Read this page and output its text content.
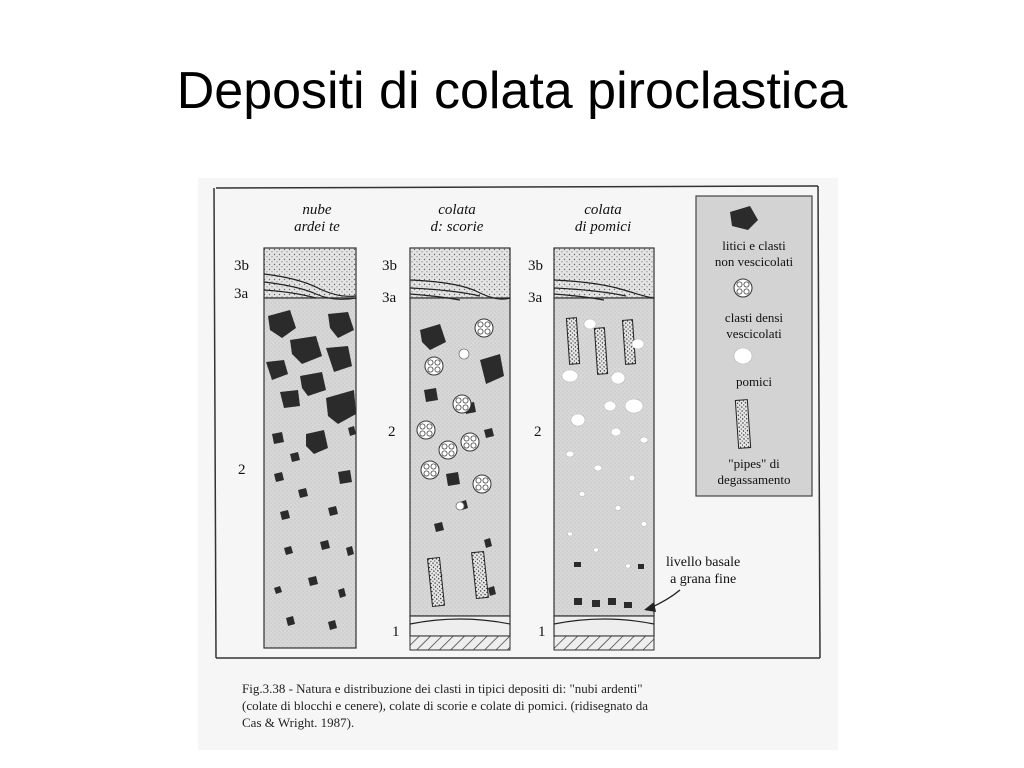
Depositi di colata piroclastica
nube
ardei te
colata
d: scorie
colata
di pomici
3b
3a
2
3b
3a
2
1
3b
3a
2
1
litici e clasti
non vescicolati
clasti densi
vescicolati
pomici
"pipes" di
degassamento
livello basale
a grana fine
Fig.3.38 - Natura e distribuzione dei clasti in tipici depositi di: "nubi ardenti"
(colate di blocchi e cenere), colate di scorie e colate di pomici. (ridisegnato da
Cas & Wright. 1987).
